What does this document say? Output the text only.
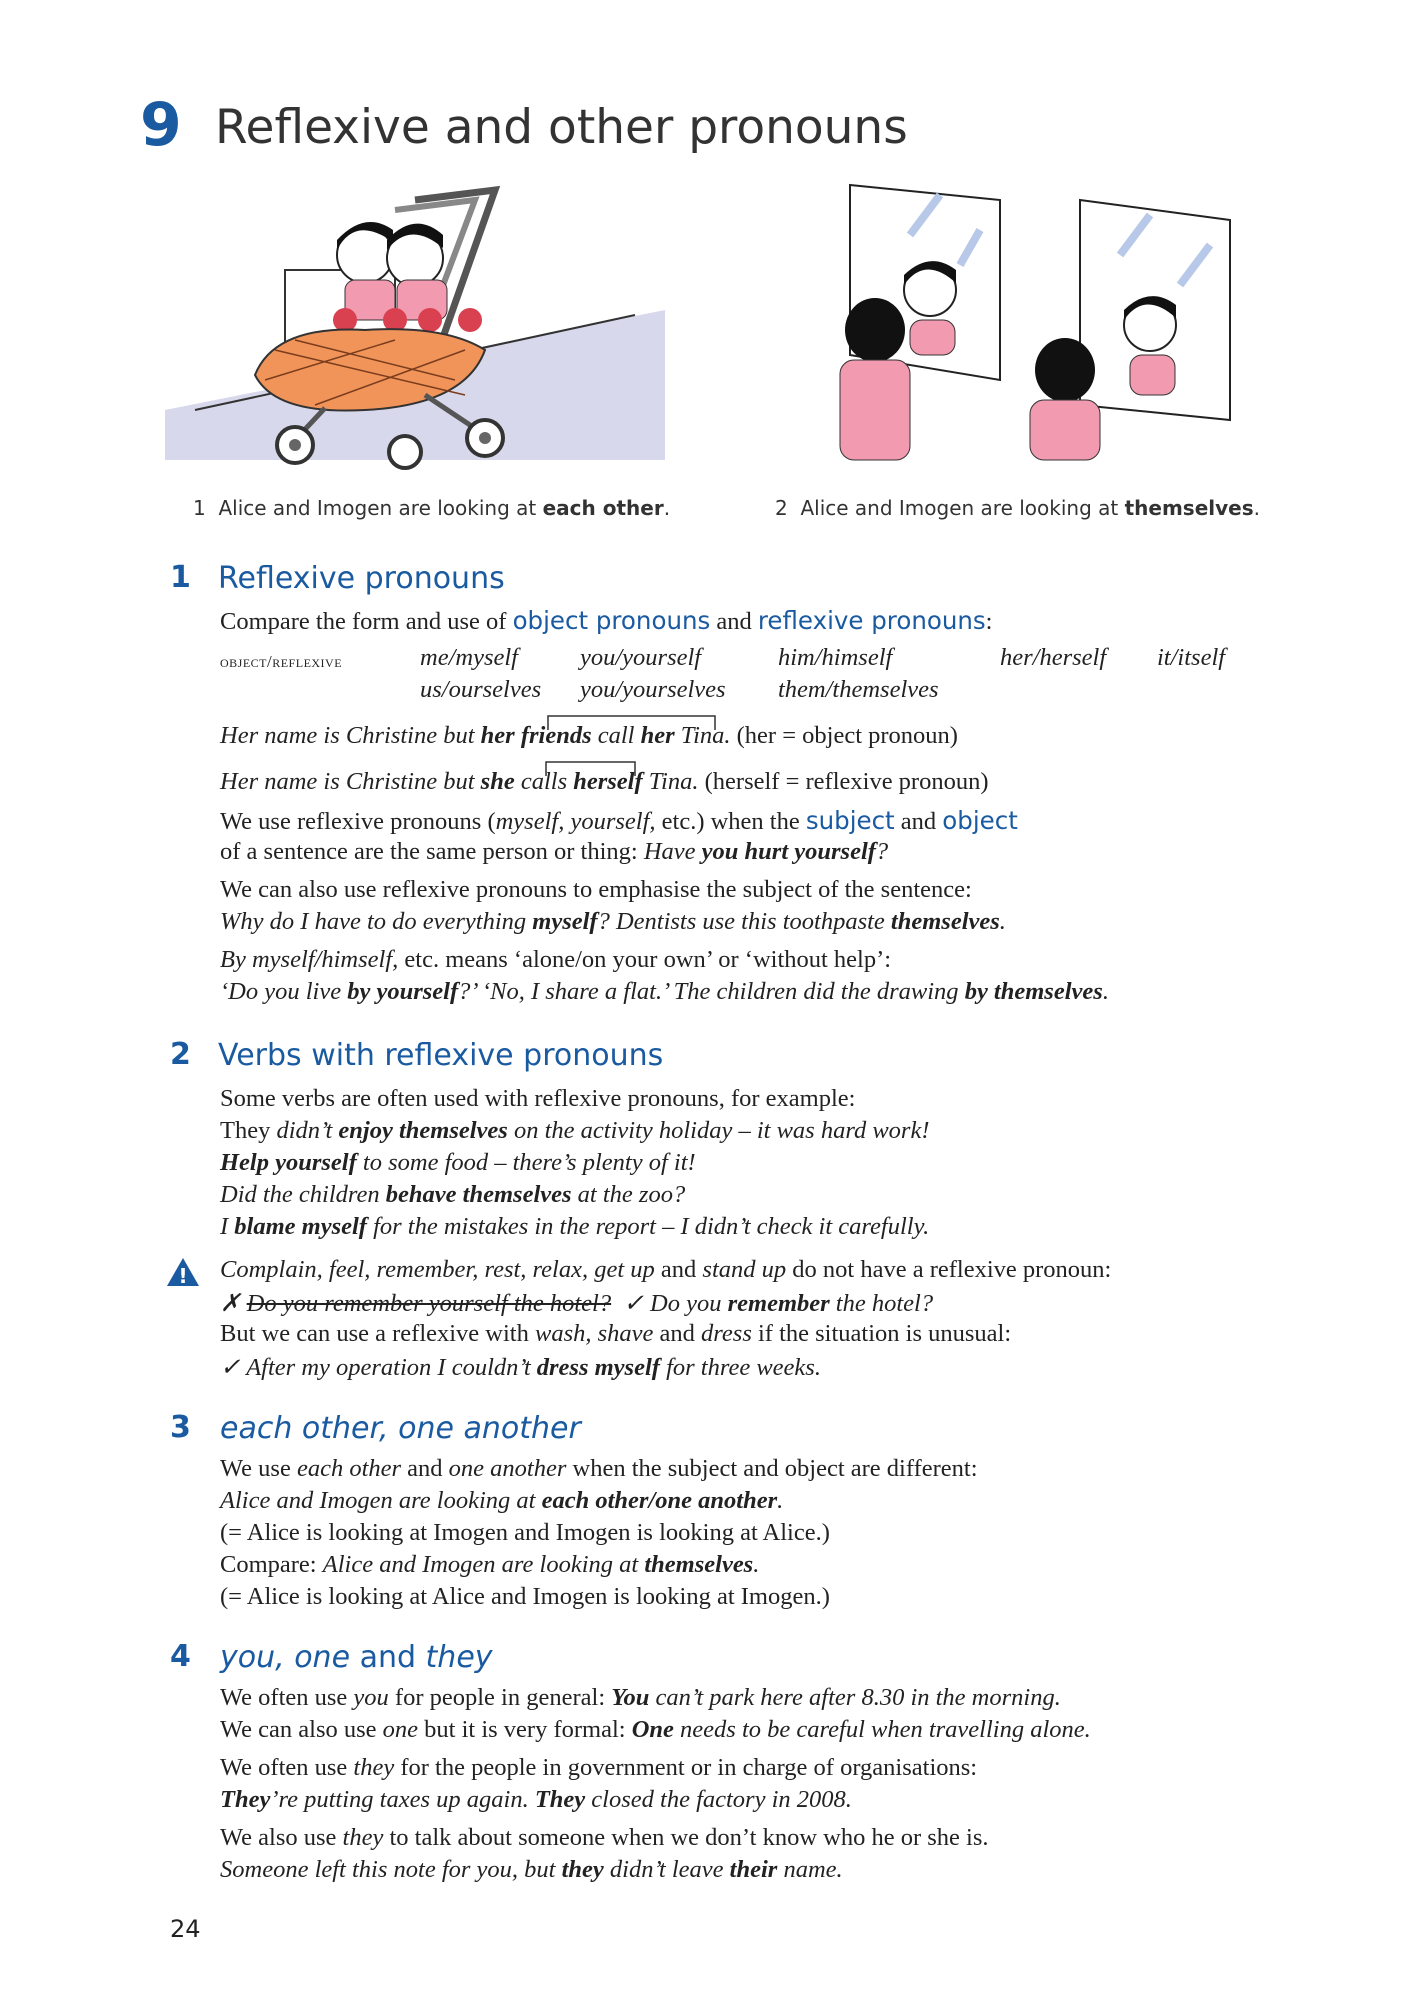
9 Reflexive and other pronouns
1 Alice and Imogen are looking at each other.	2 Alice and Imogen are looking at themselves.
1 Reflexive pronouns
Compare the form and use of object pronouns and reflexive pronouns:
object/reflexive	me/myself	you/yourself	him/himself	her/herself it/itself
us/ourselves you/yourselves them/themselves
Her name is Christine but her friends call her Tina. (her = object pronoun)
Her name is Christine but she calls herself Tina. (herself = reflexive pronoun)
We use reflexive pronouns (myself, yourself, etc.) when the subject and object
of a sentence are the same person or thing: Have you hurt yourself?
We can also use reflexive pronouns to emphasise the subject of the sentence:
Why do I have to do everything myself? Dentists use this toothpaste themselves.
By myself/himself, etc. means ‘alone/on your own’ or ‘without help’:
‘Do you live by yourself?’ ‘No, I share a flat.’ The children did the drawing by themselves.
2 Verbs with reflexive pronouns
Some verbs are often used with reflexive pronouns, for example:
They didn’t enjoy themselves on the activity holiday – it was hard work!
Help yourself to some food – there’s plenty of it!
Did the children behave themselves at the zoo?
I blame myself for the mistakes in the report – I didn’t check it carefully.
! Complain, feel, remember, rest, relax, get up and stand up do not have a reflexive pronoun:
✗ Do you remember yourself the hotel? ✓ Do you remember the hotel?
But we can use a reflexive with wash, shave and dress if the situation is unusual:
✓ After my operation I couldn’t dress myself for three weeks.
3 each other, one another
We use each other and one another when the subject and object are different:
Alice and Imogen are looking at each other/one another.
(= Alice is looking at Imogen and Imogen is looking at Alice.)
Compare: Alice and Imogen are looking at themselves.
(= Alice is looking at Alice and Imogen is looking at Imogen.)
4 you, one and they
We often use you for people in general: You can’t park here after 8.30 in the morning.
We can also use one but it is very formal: One needs to be careful when travelling alone.
We often use they for the people in government or in charge of organisations:
They’re putting taxes up again. They closed the factory in 2008.
We also use they to talk about someone when we don’t know who he or she is.
Someone left this note for you, but they didn’t leave their name.
24
